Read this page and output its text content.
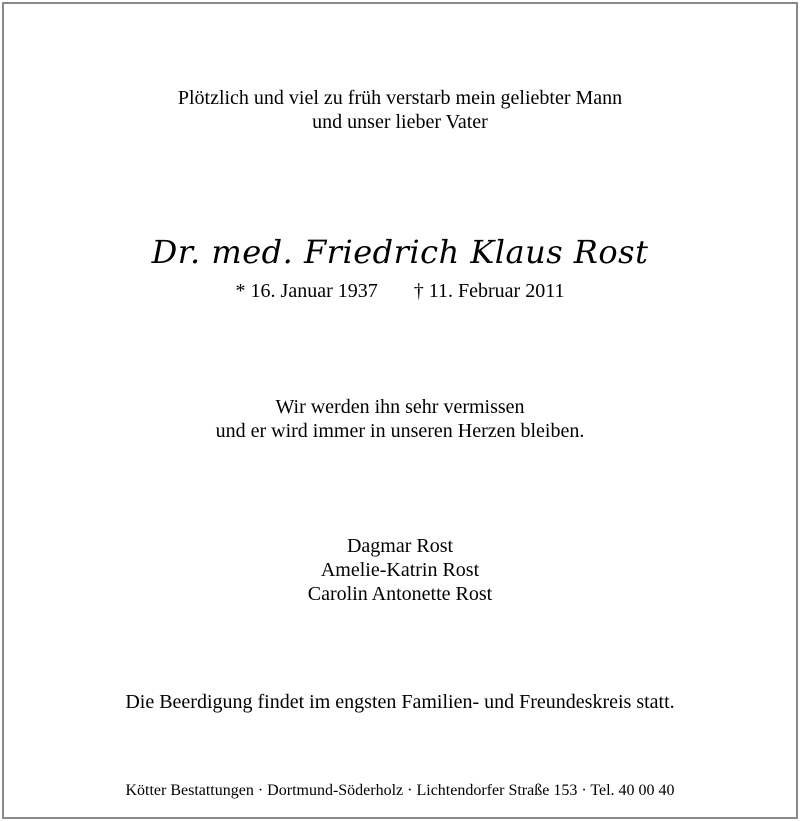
Plötzlich und viel zu früh verstarb mein geliebter Mann
und unser lieber Vater
Dr. med. Friedrich Klaus Rost
* 16. Januar 1937 † 11. Februar 2011
Wir werden ihn sehr vermissen
und er wird immer in unseren Herzen bleiben.
Dagmar Rost
Amelie-Katrin Rost
Carolin Antonette Rost
Die Beerdigung findet im engsten Familien- und Freundeskreis statt.
Kötter Bestattungen · Dortmund-Söderholz · Lichtendorfer Straße 153 · Tel. 40 00 40
